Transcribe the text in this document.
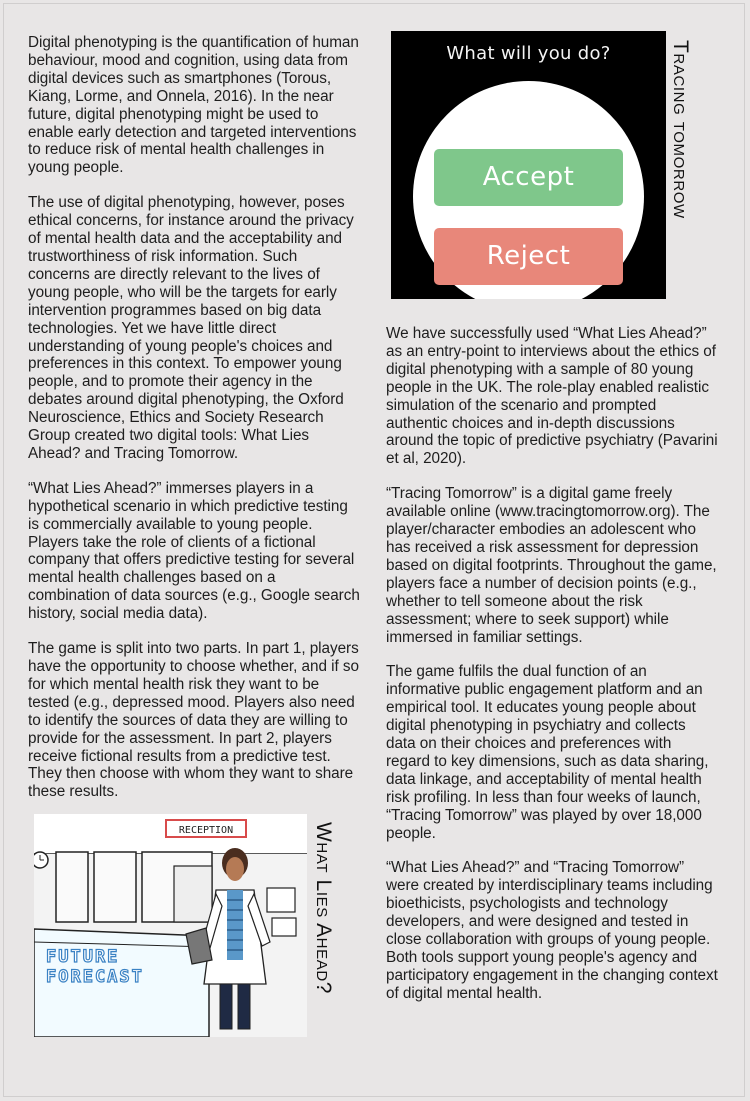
Digital phenotyping is the quantification of human behaviour, mood and cognition, using data from digital devices such as smartphones (Torous, Kiang, Lorme, and Onnela, 2016). In the near future, digital phenotyping might be used to enable early detection and targeted interventions to reduce risk of mental health challenges in young people.

The use of digital phenotyping, however, poses ethical concerns, for instance around the privacy of mental health data and the acceptability and trustworthiness of risk information. Such concerns are directly relevant to the lives of young people, who will be the targets for early intervention programmes based on big data technologies. Yet we have little direct understanding of young people's choices and preferences in this context. To empower young people, and to promote their agency in the debates around digital phenotyping, the Oxford Neuroscience, Ethics and Society Research Group created two digital tools: What Lies Ahead? and Tracing Tomorrow.

“What Lies Ahead?” immerses players in a hypothetical scenario in which predictive testing is commercially available to young people. Players take the role of clients of a fictional company that offers predictive testing for several mental health challenges based on a combination of data sources (e.g., Google search history, social media data).

The game is split into two parts. In part 1, players have the opportunity to choose whether, and if so for which mental health risk they want to be tested (e.g., depressed mood. Players also need to identify the sources of data they are willing to provide for the assessment. In part 2, players receive fictional results from a predictive test. They then choose with whom they want to share these results.

What will you do?
Accept
Reject
Tracing tomorrow

We have successfully used “What Lies Ahead?” as an entry-point to interviews about the ethics of digital phenotyping with a sample of 80 young people in the UK. The role-play enabled realistic simulation of the scenario and prompted authentic choices and in-depth discussions around the topic of predictive psychiatry (Pavarini et al, 2020).

“Tracing Tomorrow” is a digital game freely available online (www.tracingtomorrow.org). The player/character embodies an adolescent who has received a risk assessment for depression based on digital footprints. Throughout the game, players face a number of decision points (e.g., whether to tell someone about the risk assessment; where to seek support) while immersed in familiar settings.

The game fulfils the dual function of an informative public engagement platform and an empirical tool. It educates young people about digital phenotyping in psychiatry and collects data on their choices and preferences with regard to key dimensions, such as data sharing, data linkage, and acceptability of mental health risk profiling. In less than four weeks of launch, “Tracing Tomorrow” was played by over 18,000 people.

“What Lies Ahead?” and “Tracing Tomorrow” were created by interdisciplinary teams including bioethicists, psychologists and technology developers, and were designed and tested in close collaboration with groups of young people. Both tools support young people's agency and participatory engagement in the changing context of digital mental health.

RECEPTION
FUTURE
FORECAST	What Lies Ahead?
